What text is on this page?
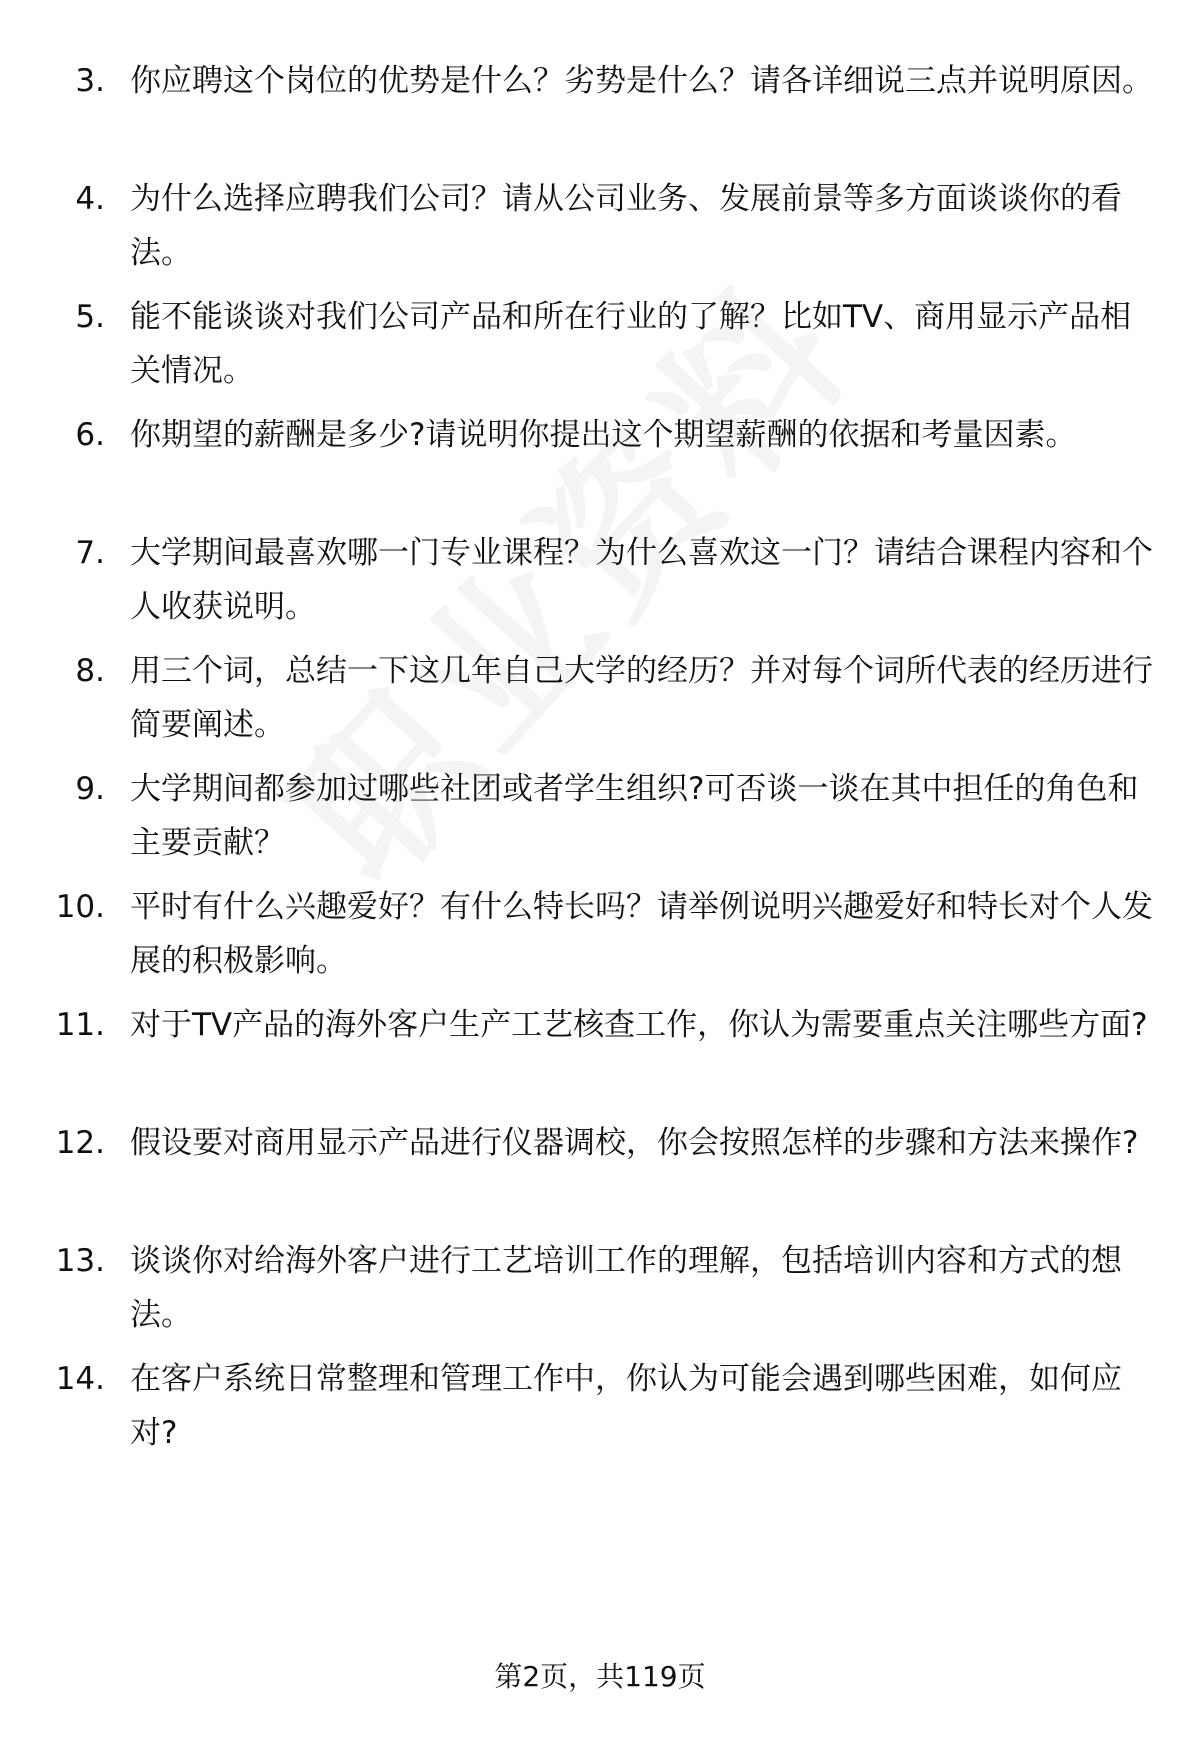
3. 你应聘这个岗位的优势是什么？劣势是什么？请各详细说三点并说明原因。
4. 为什么选择应聘我们公司？请从公司业务、发展前景等多方面谈谈你的看法。
5. 能不能谈谈对我们公司产品和所在行业的了解？比如TV、商用显示产品相关情况。
6. 你期望的薪酬是多少?请说明你提出这个期望薪酬的依据和考量因素。
7. 大学期间最喜欢哪一门专业课程？为什么喜欢这一门？请结合课程内容和个人收获说明。
8. 用三个词，总结一下这几年自己大学的经历？并对每个词所代表的经历进行简要阐述。
9. 大学期间都参加过哪些社团或者学生组织?可否谈一谈在其中担任的角色和主要贡献？
10. 平时有什么兴趣爱好？有什么特长吗？请举例说明兴趣爱好和特长对个人发展的积极影响。
11. 对于TV产品的海外客户生产工艺核查工作，你认为需要重点关注哪些方面?
12. 假设要对商用显示产品进行仪器调校，你会按照怎样的步骤和方法来操作?
13. 谈谈你对给海外客户进行工艺培训工作的理解，包括培训内容和方式的想法。
14. 在客户系统日常整理和管理工作中，你认为可能会遇到哪些困难，如何应对?
第2页，共119页
